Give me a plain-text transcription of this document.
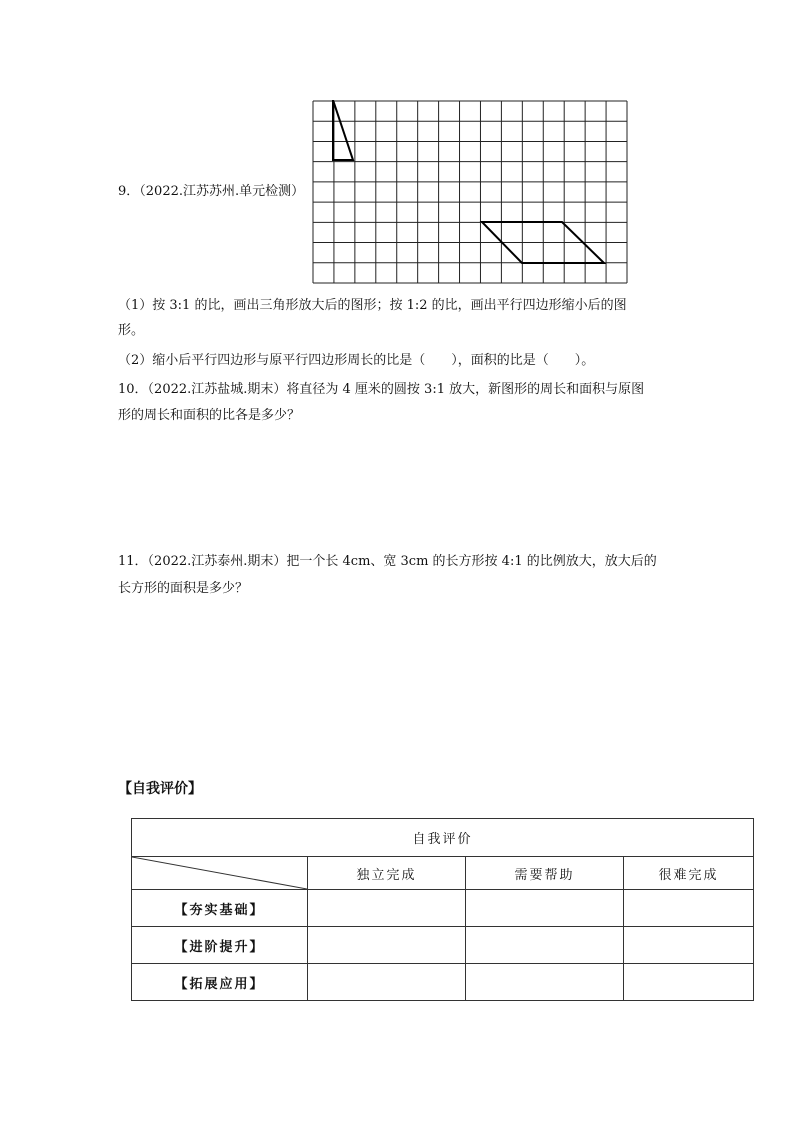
9．（2022.江苏苏州.单元检测）
（1）按 3:1 的比，画出三角形放大后的图形；按 1:2 的比，画出平行四边形缩小后的图
形。
（2）缩小后平行四边形与原平行四边形周长的比是（　　），面积的比是（　　）。
10．（2022.江苏盐城.期末）将直径为 4 厘米的圆按 3:1 放大，新图形的周长和面积与原图
形的周长和面积的比各是多少？
11．（2022.江苏泰州.期末）把一个长 4cm、宽 3cm 的长方形按 4:1 的比例放大，放大后的
长方形的面积是多少？
【自我评价】
自我评价			

	独立完成	需要帮助	很难完成
【夯实基础】			
【进阶提升】			
【拓展应用】			
